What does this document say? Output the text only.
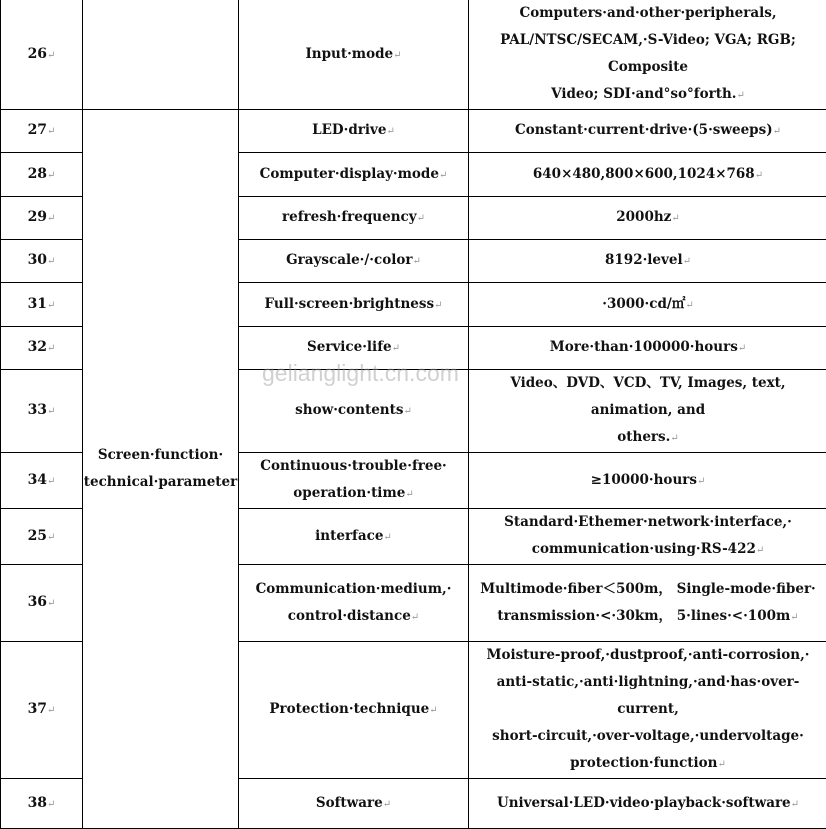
26↵		Input·mode↵	Computers·and·other·peripherals,
PAL/NTSC/SECAM,·S-Video; VGA; RGB; Composite
Video; SDI·and°so°forth.↵
27↵	Screen·function·
technical·parameter	LED·drive↵	Constant·current·drive·(5·sweeps)↵
28↵		Computer·display·mode↵	640×480,800×600,1024×768↵
29↵		refresh·frequency↵	2000hz↵
30↵		Grayscale·/·color↵	8192·level↵
31↵		Full·screen·brightness↵	·3000·cd/㎡↵
32↵		Service·life↵	More·than·100000·hours↵
33↵		show·contents↵	Video、DVD、VCD、TV, Images, text, animation, and
others.↵
34↵		Continuous·trouble·free·
operation·time↵	≥10000·hours↵
25↵		interface↵	Standard·Ethemer·network·interface,·
communication·using·RS-422↵
36↵		Communication·medium,·
control·distance↵	Multimode·fiber＜500m， Single-mode·fiber·
transmission·<·30km， 5·lines·<·100m↵
37↵		Protection·technique↵	Moisture-proof,·dustproof,·anti-corrosion,·
anti-static,·anti·lightning,·and·has·over-current,
short-circuit,·over-voltage,·undervoltage·
protection·function↵
38↵		Software↵	Universal·LED·video·playback·software↵
gelianglight.cn.com
